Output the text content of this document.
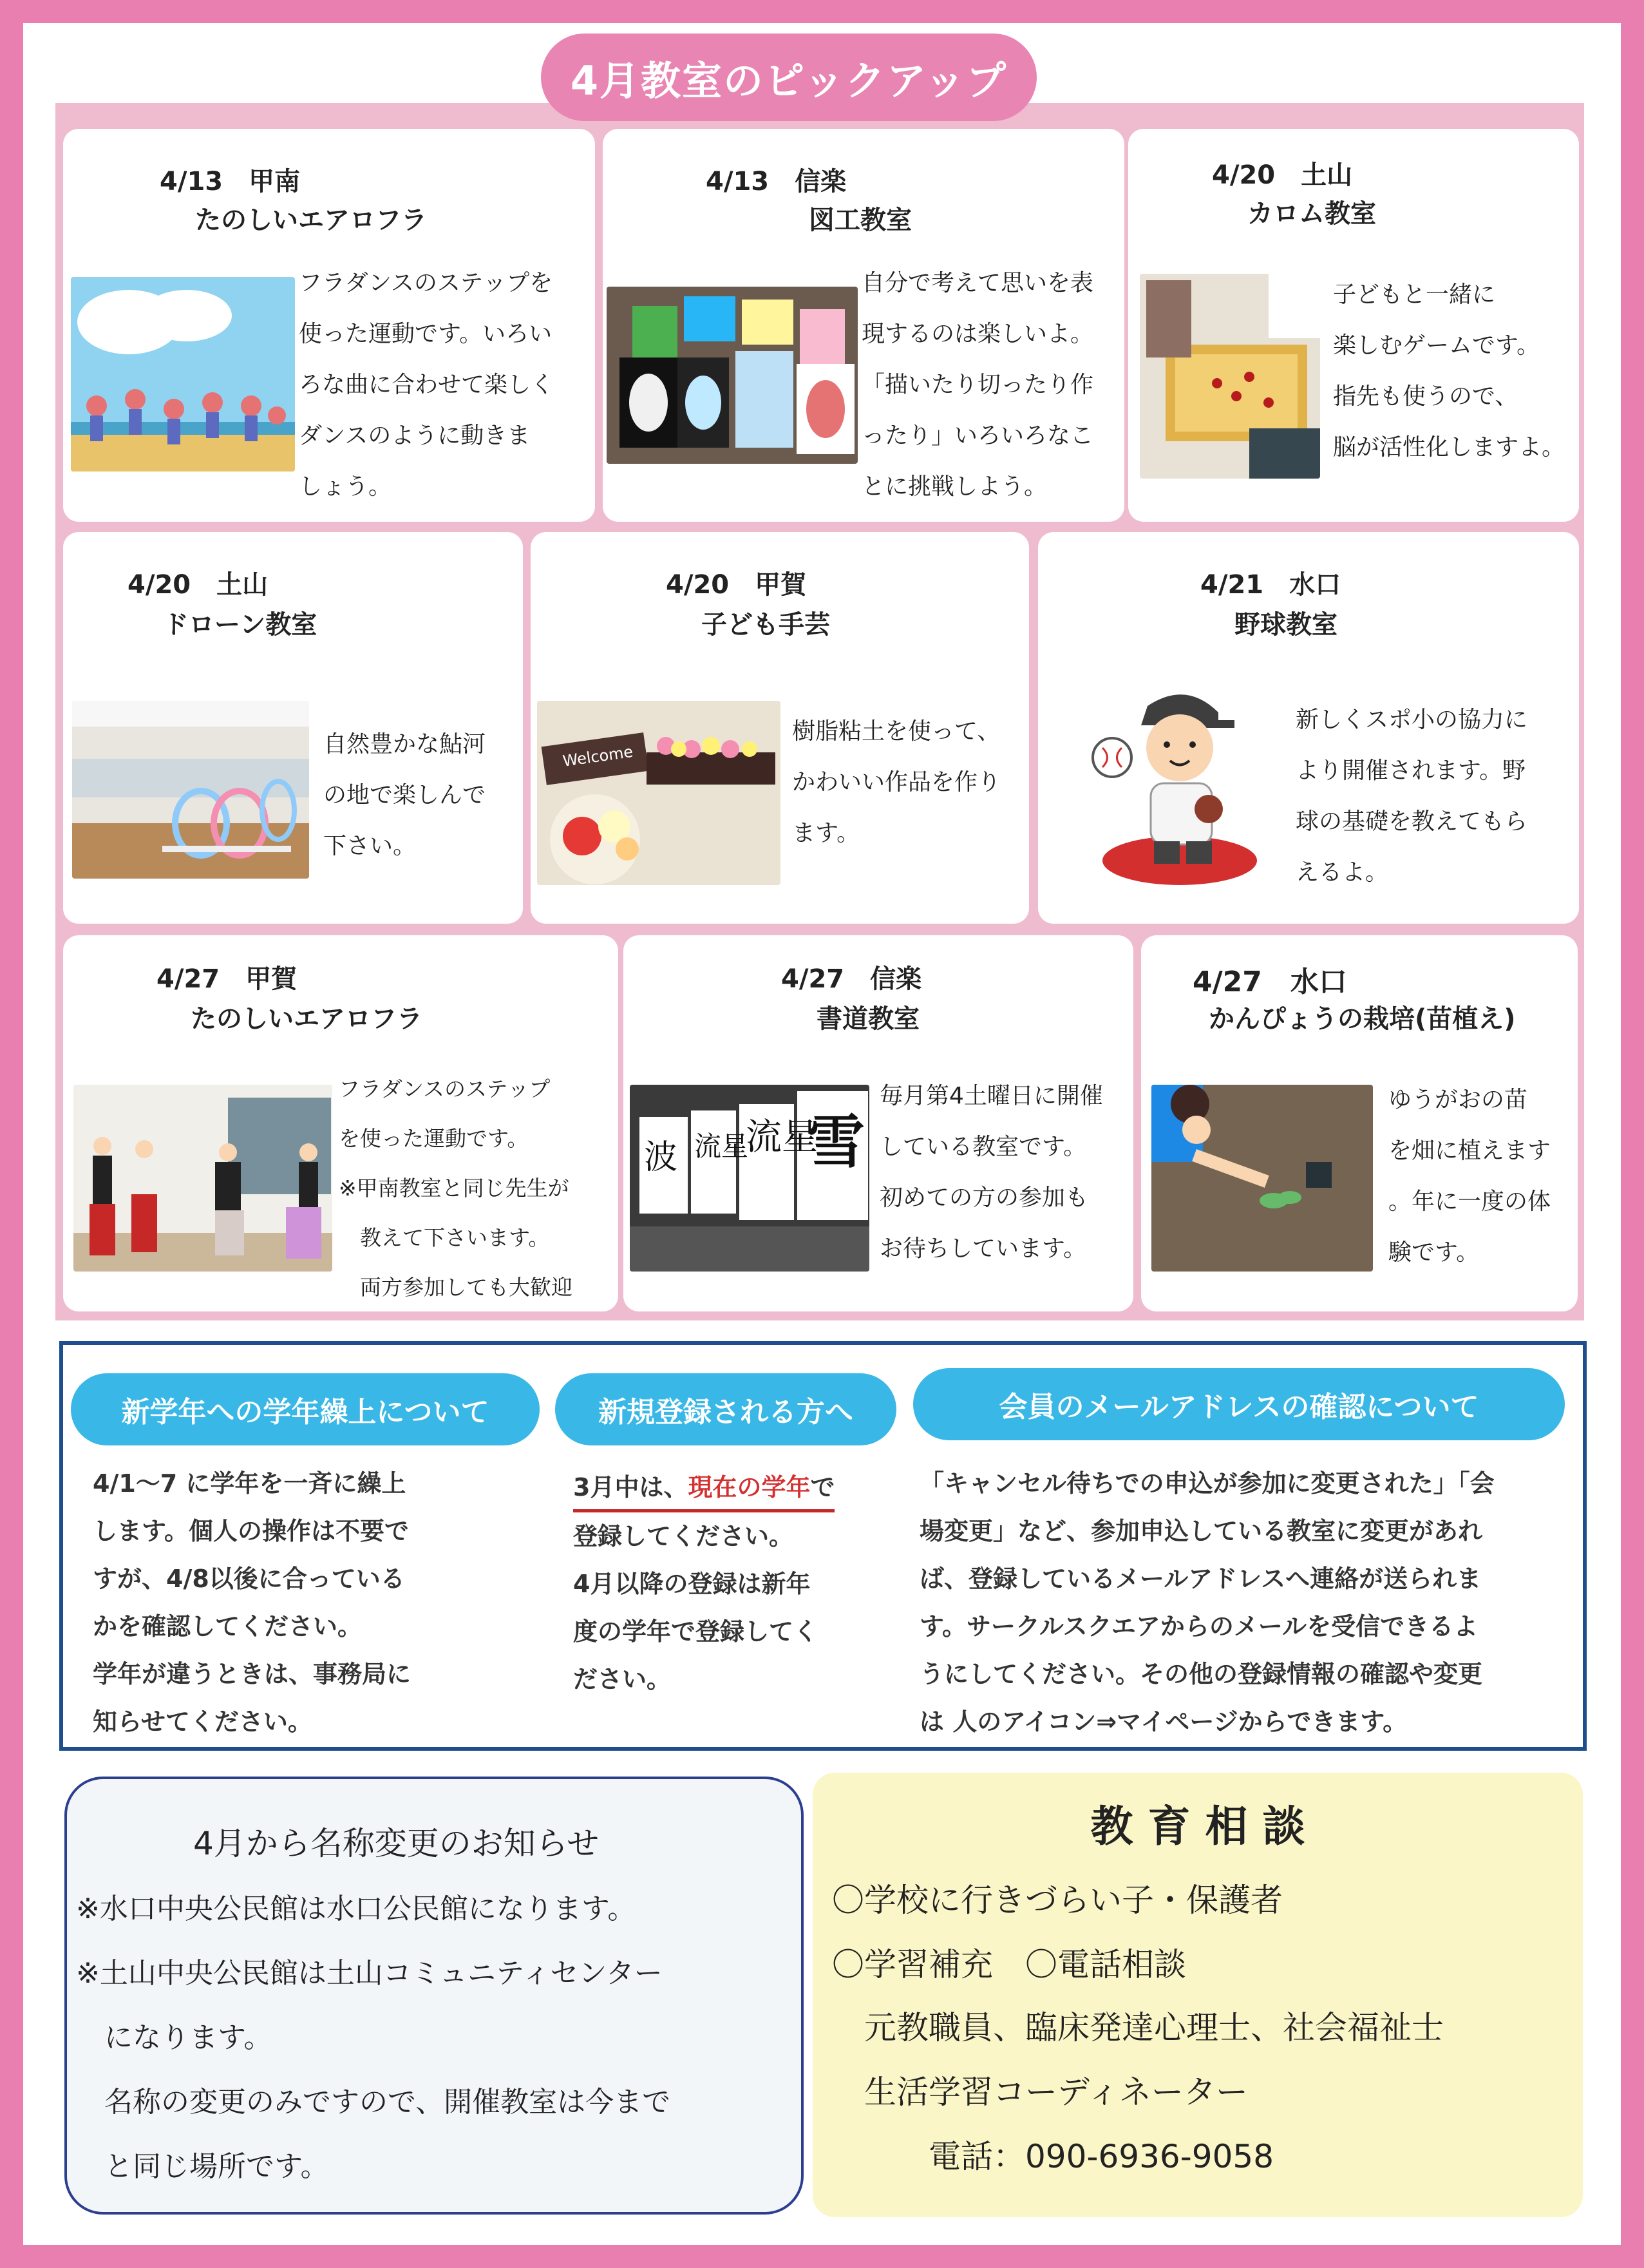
4月教室のピックアップ
4/13　甲南
たのしいエアロフラ
フラダンスのステップを
使った運動です。いろい
ろな曲に合わせて楽しく
ダンスのように動きま
しょう。
4/13　信楽
図工教室
自分で考えて思いを表
現するのは楽しいよ。
「描いたり切ったり作
ったり」いろいろなこ
とに挑戦しよう。
4/20　土山
カロム教室
子どもと一緒に
楽しむゲームです。
指先も使うので、
脳が活性化しますよ。
4/20　土山
ドローン教室
自然豊かな鮎河
の地で楽しんで
下さい。
4/20　甲賀
子ども手芸
Welcome
樹脂粘土を使って、
かわいい作品を作り
ます。
4/21　水口
野球教室
新しくスポ小の協力に
より開催されます。野
球の基礎を教えてもら
えるよ。
4/27　甲賀
たのしいエアロフラ
フラダンスのステップ
を使った運動です。
※甲南教室と同じ先生が
　教えて下さいます。
　両方参加しても大歓迎
4/27　信楽
書道教室
雪
流星
流星
波
毎月第4土曜日に開催
している教室です。
初めての方の参加も
お待ちしています。
4/27　水口
かんぴょうの栽培(苗植え)
ゆうがおの苗
を畑に植えます
。年に一度の体
験です。
新学年への学年繰上について	新規登録される方へ	会員のメールアドレスの確認について
4/1～7 に学年を一斉に繰上
します。個人の操作は不要で
すが、4/8以後に合っている
かを確認してください。
学年が違うときは、事務局に
知らせてください。
3月中は、現在の学年で
登録してください。
4月以降の登録は新年
度の学年で登録してく
ださい。
「キャンセル待ちでの申込が参加に変更された」「会
場変更」など、参加申込している教室に変更があれ
ば、登録しているメールアドレスへ連絡が送られま
す。サークルスクエアからのメールを受信できるよ
うにしてください。その他の登録情報の確認や変更
は 人のアイコン⇒マイページからできます。
4月から名称変更のお知らせ
※水口中央公民館は水口公民館になります。
※土山中央公民館は土山コミュニティセンター
　になります。
　名称の変更のみですので、開催教室は今まで
　と同じ場所です。
教 育 相 談
〇学校に行きづらい子・保護者
〇学習補充　〇電話相談
　元教職員、臨床発達心理士、社会福祉士
　生活学習コーディネーター
　　　電話：090-6936-9058
